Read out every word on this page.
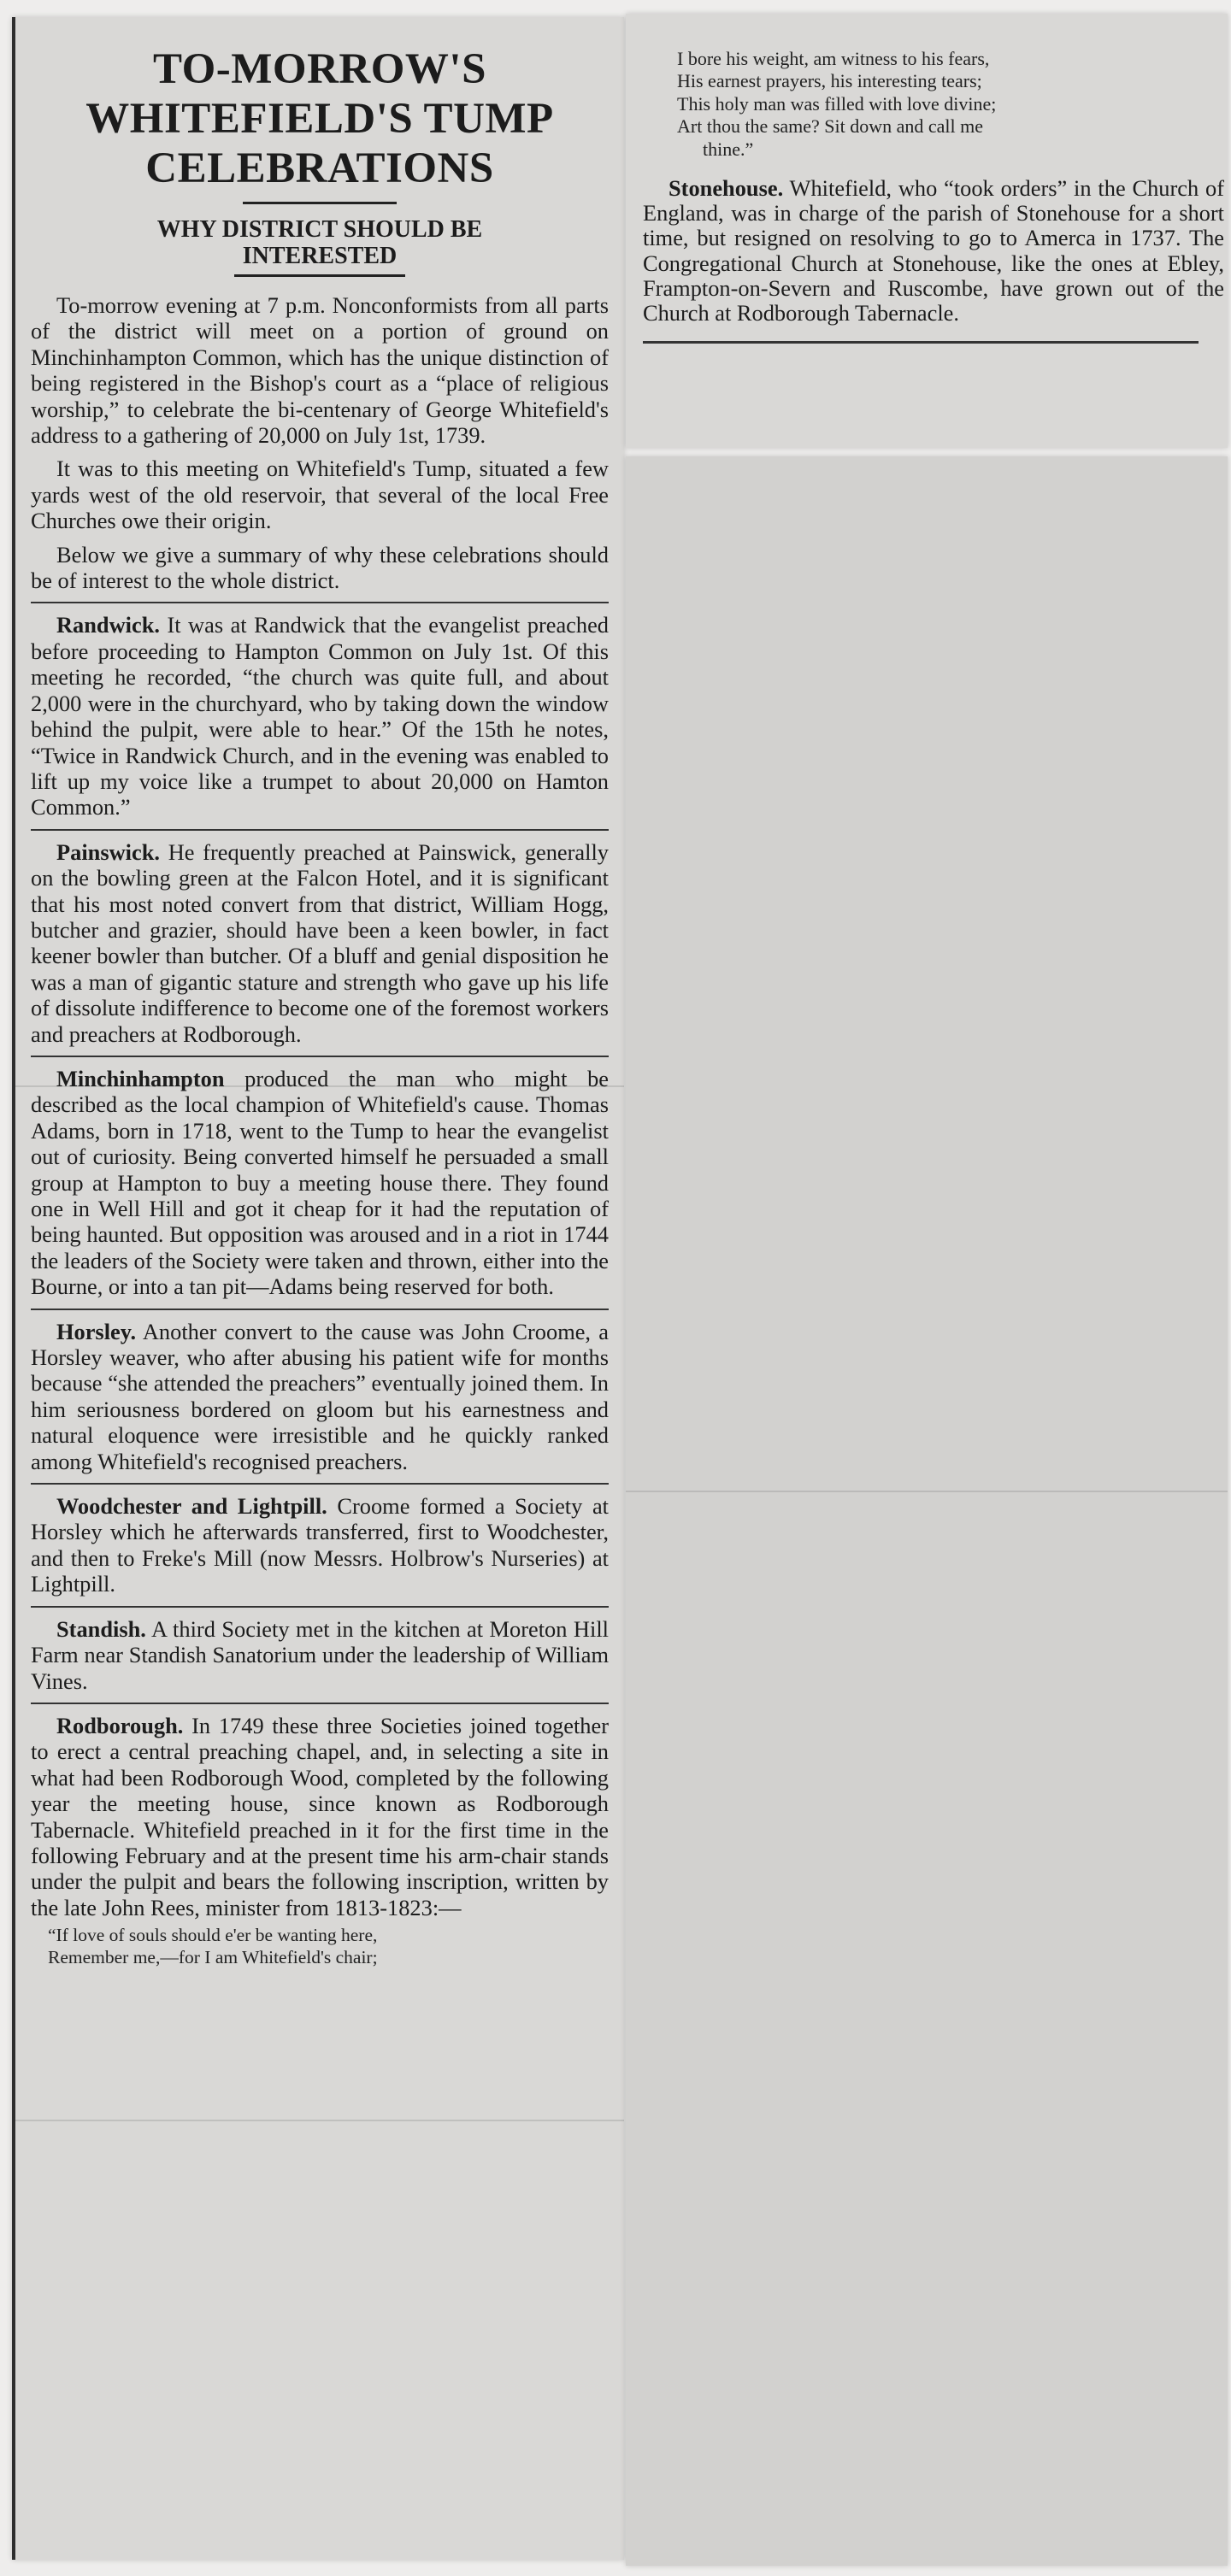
TO-MORROW'S
WHITEFIELD'S TUMP
CELEBRATIONS
WHY DISTRICT SHOULD BE INTERESTED

To-morrow evening at 7 p.m. Nonconformists from all parts of the district will meet on a portion of ground on Minchinhampton Common, which has the unique distinction of being registered in the Bishop's court as a “place of religious worship,” to celebrate the bi-centenary of George Whitefield's address to a gathering of 20,000 on July 1st, 1739.

It was to this meeting on Whitefield's Tump, situated a few yards west of the old reservoir, that several of the local Free Churches owe their origin.

Below we give a summary of why these celebrations should be of interest to the whole district.

Randwick. It was at Randwick that the evangelist preached before proceeding to Hampton Common on July 1st. Of this meeting he recorded, “the church was quite full, and about 2,000 were in the churchyard, who by taking down the window behind the pulpit, were able to hear.” Of the 15th he notes, “Twice in Randwick Church, and in the evening was enabled to lift up my voice like a trumpet to about 20,000 on Hamton Common.”

Painswick. He frequently preached at Painswick, generally on the bowling green at the Falcon Hotel, and it is significant that his most noted convert from that district, William Hogg, butcher and grazier, should have been a keen bowler, in fact keener bowler than butcher. Of a bluff and genial disposition he was a man of gigantic stature and strength who gave up his life of dissolute indifference to become one of the foremost workers and preachers at Rodborough.

Minchinhampton produced the man who might be described as the local champion of Whitefield's cause. Thomas Adams, born in 1718, went to the Tump to hear the evangelist out of curiosity. Being converted himself he persuaded a small group at Hampton to buy a meeting house there. They found one in Well Hill and got it cheap for it had the reputation of being haunted. But opposition was aroused and in a riot in 1744 the leaders of the Society were taken and thrown, either into the Bourne, or into a tan pit—Adams being reserved for both.

Horsley. Another convert to the cause was John Croome, a Horsley weaver, who after abusing his patient wife for months because “she attended the preachers” eventually joined them. In him seriousness bordered on gloom but his earnestness and natural eloquence were irresistible and he quickly ranked among Whitefield's recognised preachers.

Woodchester and Lightpill. Croome formed a Society at Horsley which he afterwards transferred, first to Woodchester, and then to Freke's Mill (now Messrs. Holbrow's Nurseries) at Lightpill.

Standish. A third Society met in the kitchen at Moreton Hill Farm near Standish Sanatorium under the leadership of William Vines.

Rodborough. In 1749 these three Societies joined together to erect a central preaching chapel, and, in selecting a site in what had been Rodborough Wood, completed by the following year the meeting house, since known as Rodborough Tabernacle. Whitefield preached in it for the first time in the following February and at the present time his arm-chair stands under the pulpit and bears the following inscription, written by the late John Rees, minister from 1813-1823:—

“If love of souls should e'er be wanting here,
Remember me,—for I am Whitefield's chair;
I bore his weight, am witness to his fears,
His earnest prayers, his interesting tears;
This holy man was filled with love divine;
Art thou the same? Sit down and call me
thine.”

Stonehouse. Whitefield, who “took orders” in the Church of England, was in charge of the parish of Stonehouse for a short time, but resigned on resolving to go to Amerca in 1737. The Congregational Church at Stonehouse, like the ones at Ebley, Frampton-on-Severn and Ruscombe, have grown out of the Church at Rodborough Tabernacle.
